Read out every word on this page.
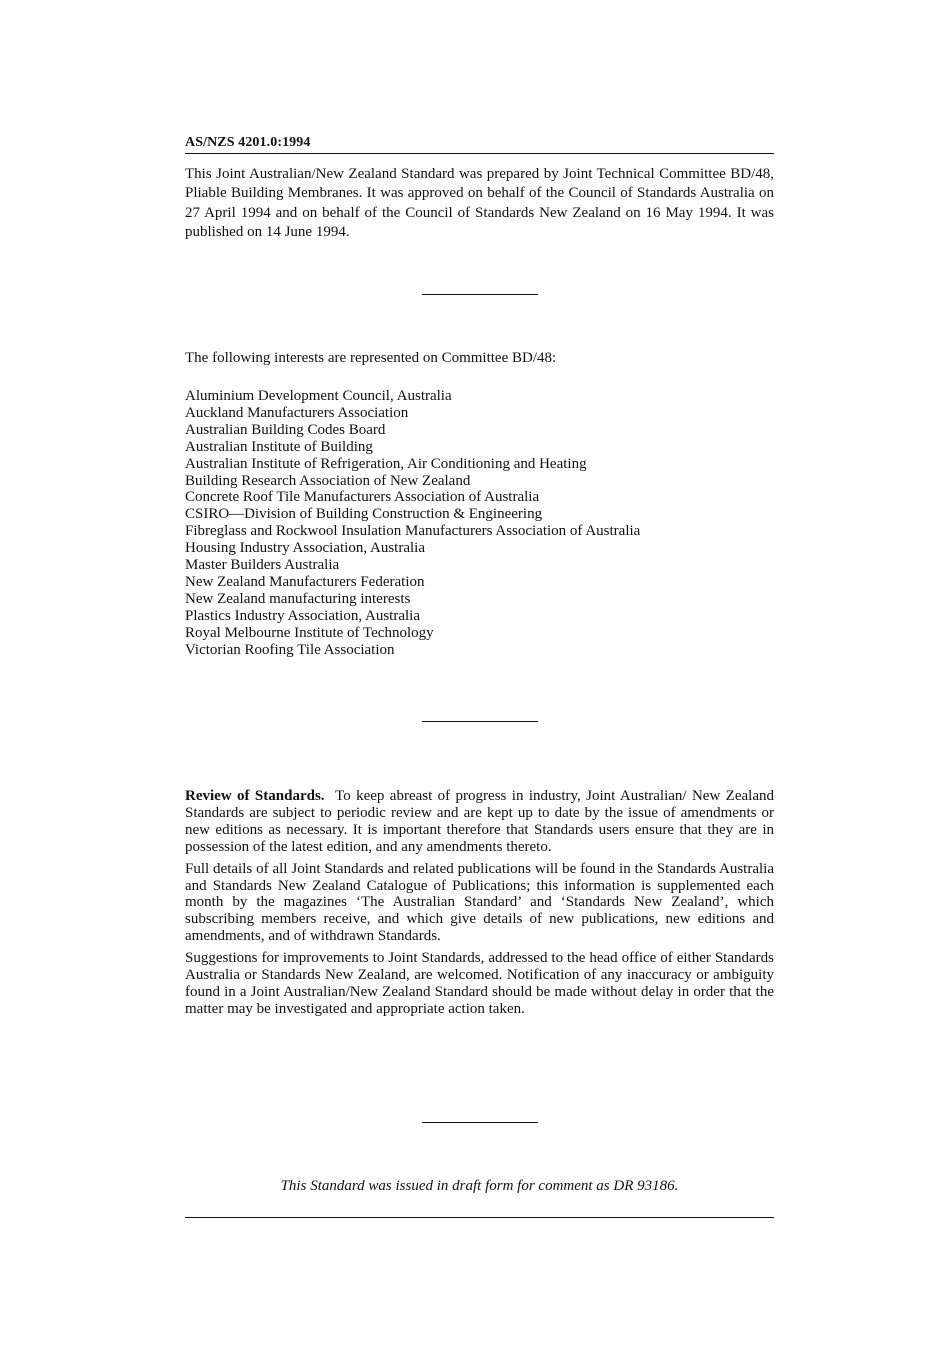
AS/NZS 4201.0:1994

This Joint Australian/New Zealand Standard was prepared by Joint Technical Committee BD/48, Pliable Building Membranes. It was approved on behalf of the Council of Standards Australia on 27 April 1994 and on behalf of the Council of Standards New Zealand on 16 May 1994. It was published on 14 June 1994.

The following interests are represented on Committee BD/48:

Aluminium Development Council, Australia
Auckland Manufacturers Association
Australian Building Codes Board
Australian Institute of Building
Australian Institute of Refrigeration, Air Conditioning and Heating
Building Research Association of New Zealand
Concrete Roof Tile Manufacturers Association of Australia
CSIRO—Division of Building Construction & Engineering
Fibreglass and Rockwool Insulation Manufacturers Association of Australia
Housing Industry Association, Australia
Master Builders Australia
New Zealand Manufacturers Federation
New Zealand manufacturing interests
Plastics Industry Association, Australia
Royal Melbourne Institute of Technology
Victorian Roofing Tile Association

Review of Standards. To keep abreast of progress in industry, Joint Australian/ New Zealand Standards are subject to periodic review and are kept up to date by the issue of amendments or new editions as necessary. It is important therefore that Standards users ensure that they are in possession of the latest edition, and any amendments thereto.

Full details of all Joint Standards and related publications will be found in the Standards Australia and Standards New Zealand Catalogue of Publications; this information is supplemented each month by the magazines ‘The Australian Standard’ and ‘Standards New Zealand’, which subscribing members receive, and which give details of new publications, new editions and amendments, and of withdrawn Standards.

Suggestions for improvements to Joint Standards, addressed to the head office of either Standards Australia or Standards New Zealand, are welcomed. Notification of any inaccuracy or ambiguity found in a Joint Australian/New Zealand Standard should be made without delay in order that the matter may be investigated and appropriate action taken.

This Standard was issued in draft form for comment as DR 93186.
